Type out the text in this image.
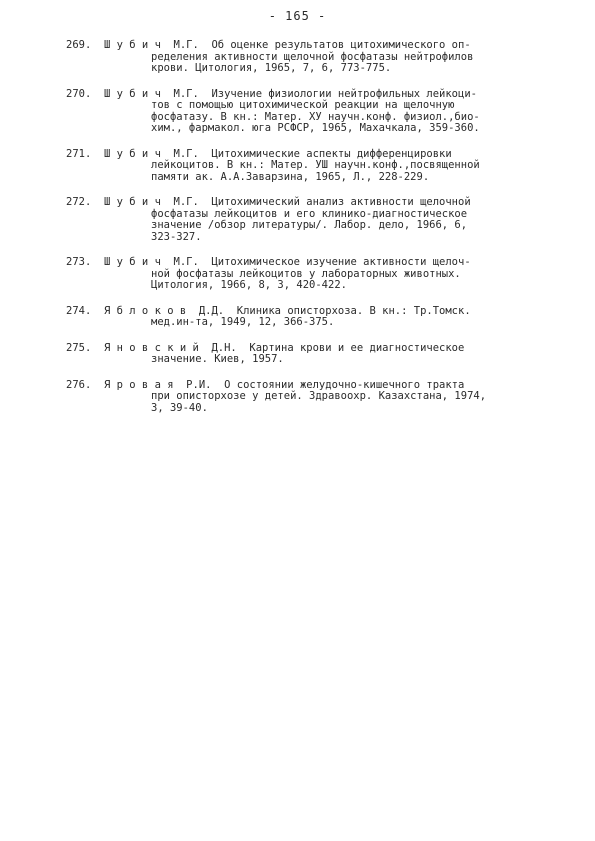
- 165 -
269. Ш у б и ч  М.Г.  Об оценке результатов цитохимического оп-
ределения активности щелочной фосфатазы нейтрофилов
крови. Цитология, 1965, 7, 6, 773-775.
270. Ш у б и ч  М.Г.  Изучение физиологии нейтрофильных лейкоци-
тов с помощью цитохимической реакции на щелочную
фосфатазу. В кн.: Матер. ХУ научн.конф. физиол.,био-
хим., фармакол. юга РСФСР, 1965, Махачкала, 359-360.
271. Ш у б и ч  М.Г.  Цитохимические аспекты дифференцировки
лейкоцитов. В кн.: Матер. УШ научн.конф.,посвященной
памяти ак. А.А.Заварзина, 1965, Л., 228-229.
272. Ш у б и ч  М.Г.  Цитохимический анализ активности щелочной
фосфатазы лейкоцитов и его клинико-диагностическое
значение /обзор литературы/. Лабор. дело, 1966, 6,
323-327.
273. Ш у б и ч  М.Г.  Цитохимическое изучение активности щелоч-
ной фосфатазы лейкоцитов у лабораторных животных.
Цитология, 1966, 8, 3, 420-422.
274. Я б л о к о в  Д.Д.  Клиника описторхоза. В кн.: Тр.Томск.
мед.ин-та, 1949, 12, 366-375.
275. Я н о в с к и й  Д.Н.  Картина крови и ее диагностическое
значение. Киев, 1957.
276. Я р о в а я  Р.И.  О состоянии желудочно-кишечного тракта
при описторхозе у детей. Здравоохр. Казахстана, 1974,
3, 39-40.
